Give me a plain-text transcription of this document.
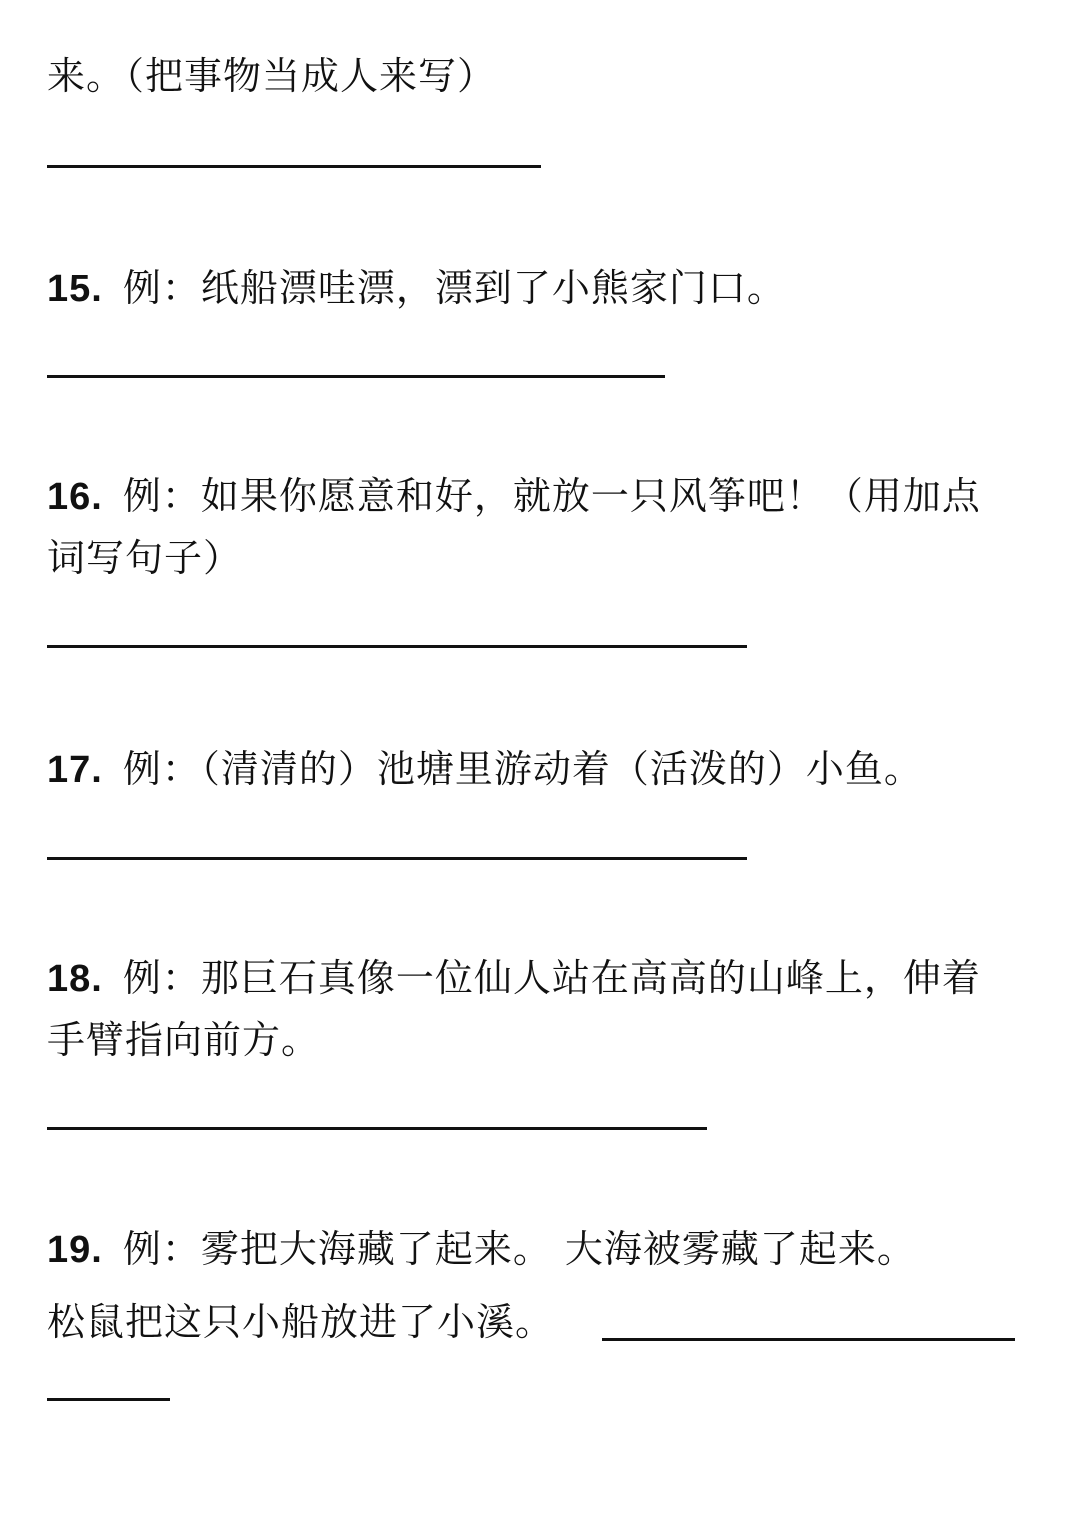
来。（把事物当成人来写）

15. 例：纸船漂哇漂，漂到了小熊家门口。

16. 例：如果你愿意和好，就放一只风筝吧！（用加点

词写句子）

17. 例：（清清的）池塘里游动着（活泼的）小鱼。

18. 例：那巨石真像一位仙人站在高高的山峰上，伸着

手臂指向前方。

19. 例：雾把大海藏了起来。 大海被雾藏了起来。

松鼠把这只小船放进了小溪。
